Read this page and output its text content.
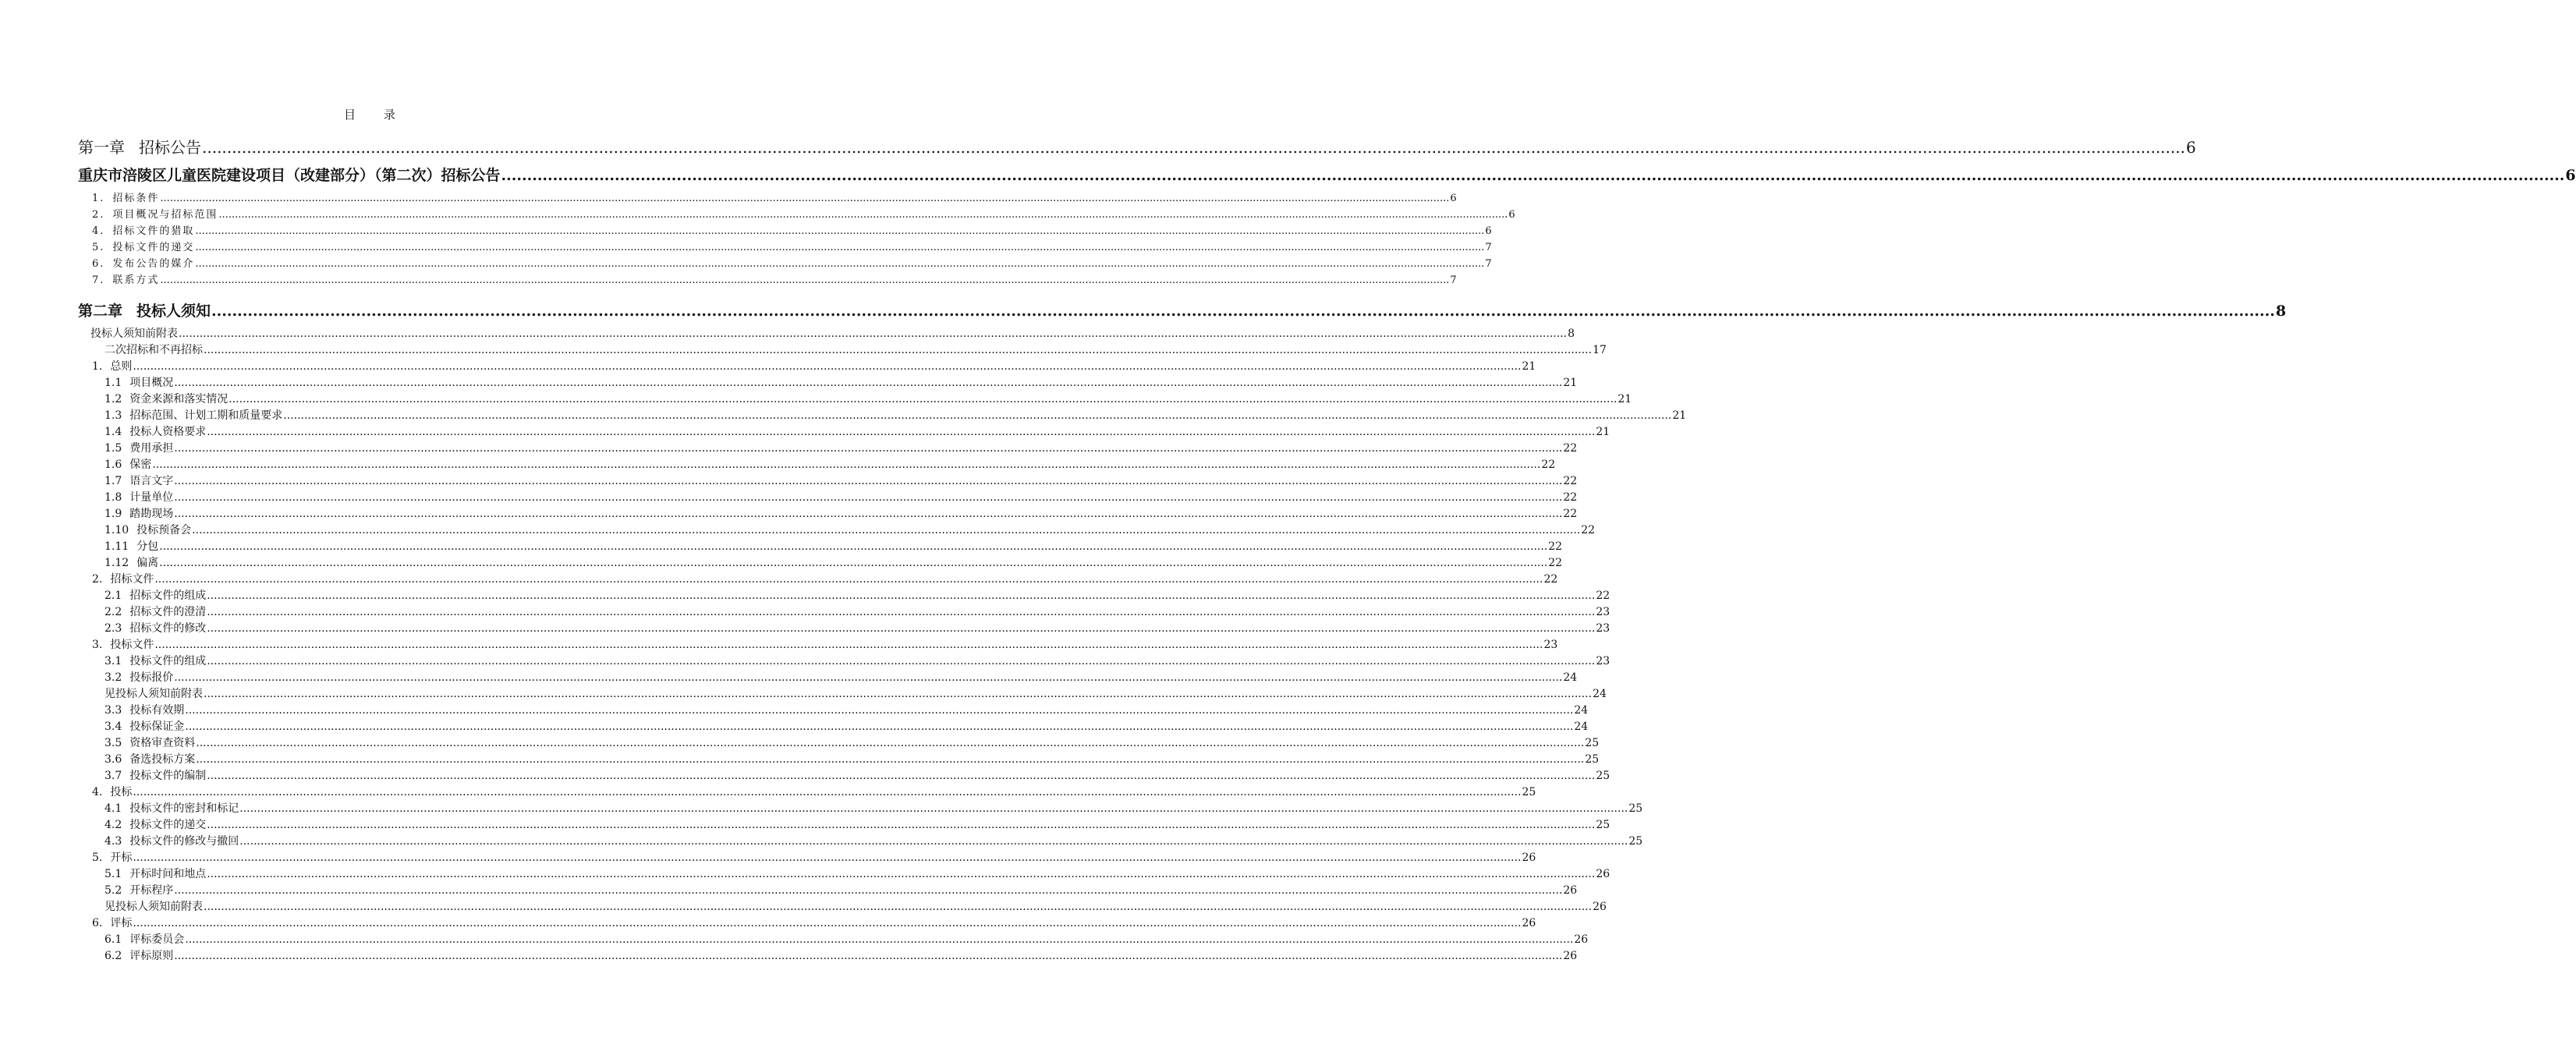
目 录
第一章 招标公告 ................................................................................................................................................................................................................................................................................................................................................................................................................ 6
重庆市涪陵区儿童医院建设项目（改建部分）（第二次）招标公告 ................................................................................................................................................................................................................................................................................................................................................................................................................ 6
1. 招标条件 ................................................................................................................................................................................................................................................................................................................................................................................................................ 6
2. 项目概况与招标范围 ................................................................................................................................................................................................................................................................................................................................................................................................................ 6
4. 招标文件的猎取 ................................................................................................................................................................................................................................................................................................................................................................................................................ 6
5. 投标文件的递交 ................................................................................................................................................................................................................................................................................................................................................................................................................ 7
6. 发布公告的媒介 ................................................................................................................................................................................................................................................................................................................................................................................................................ 7
7. 联系方式 ................................................................................................................................................................................................................................................................................................................................................................................................................ 7
第二章 投标人须知 ................................................................................................................................................................................................................................................................................................................................................................................................................ 8
投标人须知前附表 ................................................................................................................................................................................................................................................................................................................................................................................................................ 8
二次招标和不再招标 ................................................................................................................................................................................................................................................................................................................................................................................................................ 17
1. 总则 ................................................................................................................................................................................................................................................................................................................................................................................................................ 21
1.1 项目概况 ................................................................................................................................................................................................................................................................................................................................................................................................................ 21
1.2 资金来源和落实情况 ................................................................................................................................................................................................................................................................................................................................................................................................................ 21
1.3 招标范围、计划工期和质量要求 ................................................................................................................................................................................................................................................................................................................................................................................................................ 21
1.4 投标人资格要求 ................................................................................................................................................................................................................................................................................................................................................................................................................ 21
1.5 费用承担 ................................................................................................................................................................................................................................................................................................................................................................................................................ 22
1.6 保密 ................................................................................................................................................................................................................................................................................................................................................................................................................ 22
1.7 语言文字 ................................................................................................................................................................................................................................................................................................................................................................................................................ 22
1.8 计量单位 ................................................................................................................................................................................................................................................................................................................................................................................................................ 22
1.9 踏勘现场 ................................................................................................................................................................................................................................................................................................................................................................................................................ 22
1.10 投标预备会 ................................................................................................................................................................................................................................................................................................................................................................................................................ 22
1.11 分包 ................................................................................................................................................................................................................................................................................................................................................................................................................ 22
1.12 偏离 ................................................................................................................................................................................................................................................................................................................................................................................................................ 22
2. 招标文件 ................................................................................................................................................................................................................................................................................................................................................................................................................ 22
2.1 招标文件的组成 ................................................................................................................................................................................................................................................................................................................................................................................................................ 22
2.2 招标文件的澄清 ................................................................................................................................................................................................................................................................................................................................................................................................................ 23
2.3 招标文件的修改 ................................................................................................................................................................................................................................................................................................................................................................................................................ 23
3. 投标文件 ................................................................................................................................................................................................................................................................................................................................................................................................................ 23
3.1 投标文件的组成 ................................................................................................................................................................................................................................................................................................................................................................................................................ 23
3.2 投标报价 ................................................................................................................................................................................................................................................................................................................................................................................................................ 24
见投标人须知前附表 ................................................................................................................................................................................................................................................................................................................................................................................................................ 24
3.3 投标有效期 ................................................................................................................................................................................................................................................................................................................................................................................................................ 24
3.4 投标保证金 ................................................................................................................................................................................................................................................................................................................................................................................................................ 24
3.5 资格审查资料 ................................................................................................................................................................................................................................................................................................................................................................................................................ 25
3.6 备选投标方案 ................................................................................................................................................................................................................................................................................................................................................................................................................ 25
3.7 投标文件的编制 ................................................................................................................................................................................................................................................................................................................................................................................................................ 25
4. 投标 ................................................................................................................................................................................................................................................................................................................................................................................................................ 25
4.1 投标文件的密封和标记 ................................................................................................................................................................................................................................................................................................................................................................................................................ 25
4.2 投标文件的递交 ................................................................................................................................................................................................................................................................................................................................................................................................................ 25
4.3 投标文件的修改与撤回 ................................................................................................................................................................................................................................................................................................................................................................................................................ 25
5. 开标 ................................................................................................................................................................................................................................................................................................................................................................................................................ 26
5.1 开标时间和地点 ................................................................................................................................................................................................................................................................................................................................................................................................................ 26
5.2 开标程序 ................................................................................................................................................................................................................................................................................................................................................................................................................ 26
见投标人须知前附表 ................................................................................................................................................................................................................................................................................................................................................................................................................ 26
6. 评标 ................................................................................................................................................................................................................................................................................................................................................................................................................ 26
6.1 评标委员会 ................................................................................................................................................................................................................................................................................................................................................................................................................ 26
6.2 评标原则 ................................................................................................................................................................................................................................................................................................................................................................................................................ 26
